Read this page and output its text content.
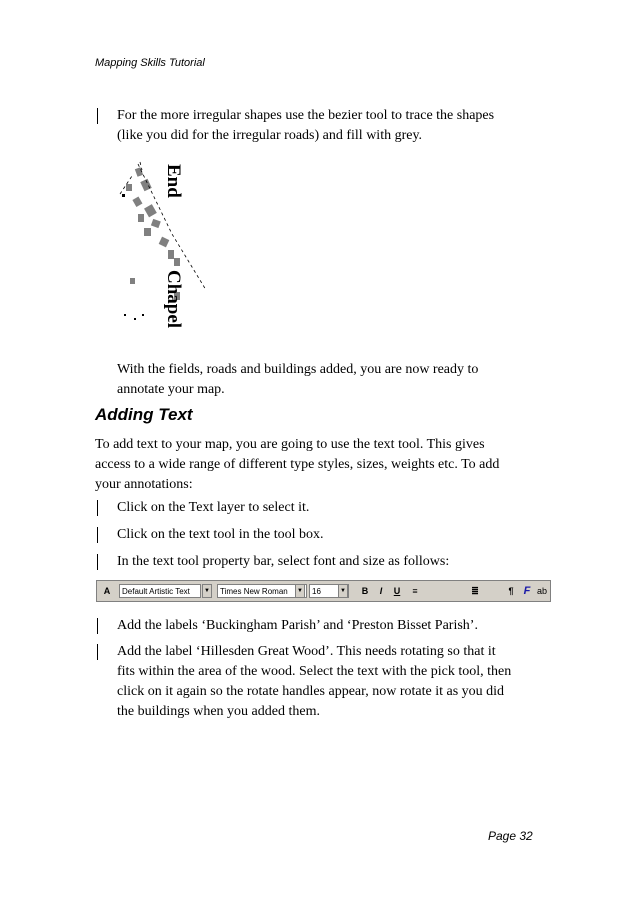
Mapping Skills Tutorial
For the more irregular shapes use the bezier tool to trace the shapes
(like you did for the irregular roads) and fill with grey.
End
Chapel
With the fields, roads and buildings added, you are now ready to
annotate your map.
Adding Text
To add text to your map, you are going to use the text tool. This gives
access to a wide range of different type styles, sizes, weights etc. To add
your annotations:
Click on the Text layer to select it.
Click on the text tool in the tool box.
In the text tool property bar, select font and size as follows:
A	Default Artistic Text	▼	Times New Roman	▼	16	▼	B	I	U	≡	≣	¶ F ab
Add the labels ‘Buckingham Parish’ and ‘Preston Bisset Parish’.
Add the label ‘Hillesden Great Wood’. This needs rotating so that it
fits within the area of the wood. Select the text with the pick tool, then
click on it again so the rotate handles appear, now rotate it as you did
the buildings when you added them.
Page 32
